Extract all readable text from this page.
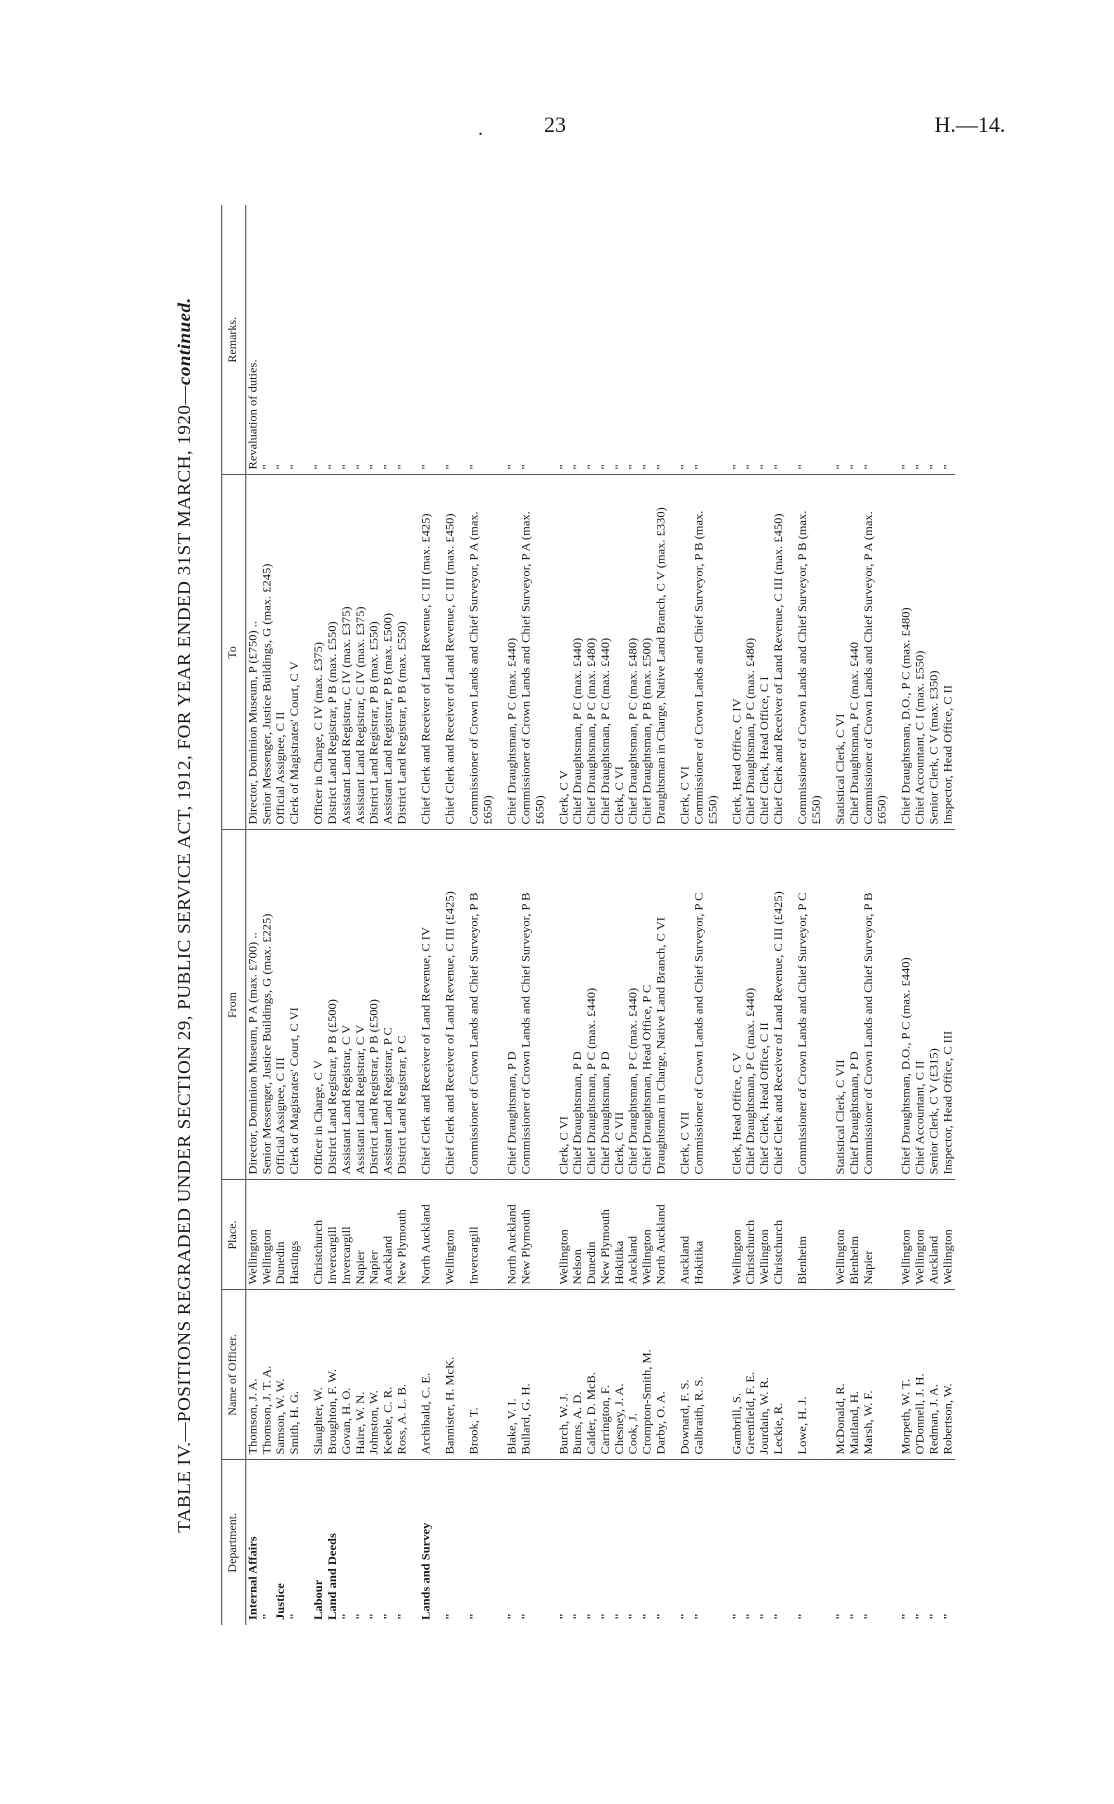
.	23	H.—14.
TABLE IV.—POSITIONS REGRADED UNDER SECTION 29, PUBLIC SERVICE ACT, 1912, FOR YEAR ENDED 31ST MARCH, 1920—continued.
Department.	Name of Officer.	Place.	From	To	Remarks.
Internal Affairs	Thomson, J. A.	Wellington	Director, Dominion Museum, P A (max. £700) ..	Director, Dominion Museum, P (£750) ..	Revaluation of duties.
"	Thomson, J. T. A.	Wellington	Senior Messenger, Justice Buildings, G (max. £225)	Senior Messenger, Justice Buildings, G (max. £245)	"
Justice	Samson, W. W.	Dunedin	Official Assignee, C III	Official Assignee, C II	"
"	Smith, H. G.	Hastings	Clerk of Magistrates' Court, C VI	Clerk of Magistrates' Court, C V	"

Labour	Slaughter, W.	Christchurch	Officer in Charge, C V	Officer in Charge, C IV (max. £375)	"
Land and Deeds	Broughton, F. W.	Invercargill	District Land Registrar, P B (£500)	District Land Registrar, P B (max. £550)	"
"	Govan, H. O.	Invercargill	Assistant Land Registrar, C V	Assistant Land Registrar, C IV (max. £375)	"
"	Haire, W. N.	Napier	Assistant Land Registrar, C V	Assistant Land Registrar, C IV (max. £375)	"
"	Johnston, W.	Napier	District Land Registrar, P B (£500)	District Land Registrar, P B (max. £550)	"
"	Keeble, C. R.	Auckland	Assistant Land Registrar, P C	Assistant Land Registrar, P B (max. £500)	"
"	Ross, A. L. B.	New Plymouth	District Land Registrar, P C	District Land Registrar, P B (max. £550)	"

Lands and Survey	Archibald, C. E.	North Auckland	Chief Clerk and Receiver of Land Revenue, C IV	Chief Clerk and Receiver of Land Revenue, C III (max. £425)	"

"	Bannister, H. McK.	Wellington	Chief Clerk and Receiver of Land Revenue, C III (£425)	Chief Clerk and Receiver of Land Revenue, C III (max. £450)	"

"	Brook, T.	Invercargill	Commissioner of Crown Lands and Chief Surveyor, P B	Commissioner of Crown Lands and Chief Surveyor, P A (max. £650)	"

"	Blake, V. I.	North Auckland	Chief Draughtsman, P D	Chief Draughtsman, P C (max. £440)	"
"	Bullard, G. H.	New Plymouth	Commissioner of Crown Lands and Chief Surveyor, P B	Commissioner of Crown Lands and Chief Surveyor, P A (max. £650)	"

"	Burch, W. J.	Wellington	Clerk, C VI	Clerk, C V	"
"	Burns, A. D.	Nelson	Chief Draughtsman, P D	Chief Draughtsman, P C (max. £440)	"
"	Calder, D. McB.	Dunedin	Chief Draughtsman, P C (max. £440)	Chief Draughtsman, P C (max. £480)	"
"	Carrington, F.	New Plymouth	Chief Draughtsman, P D	Chief Draughtsman, P C (max. £440)	"
"	Chesney, J. A.	Hokitika	Clerk, C VII	Clerk, C VI	"
"	Cook, J.	Auckland	Chief Draughtsman, P C (max. £440)	Chief Draughtsman, P C (max. £480)	"
"	Crompton-Smith, M.	Wellington	Chief Draughtsman, Head Office, P C	Chief Draughtsman, P B (max. £500)	"
"	Darby, O. A.	North Auckland	Draughtsman in Charge, Native Land Branch, C VI	Draughtsman in Charge, Native Land Branch, C V (max. £330)	"

"	Downard, F. S.	Auckland	Clerk, C VII	Clerk, C VI	"
"	Galbraith, R. S.	Hokitika	Commissioner of Crown Lands and Chief Surveyor, P C	Commissioner of Crown Lands and Chief Surveyor, P B (max. £550)	"

"	Gambrill, S.	Wellington	Clerk, Head Office, C V	Clerk, Head Office, C IV	"
"	Greenfield, F. E.	Christchurch	Chief Draughtsman, P C (max. £440)	Chief Draughtsman, P C (max. £480)	"
"	Jourdain, W. R.	Wellington	Chief Clerk, Head Office, C II	Chief Clerk, Head Office, C I	"
"	Leckie, R.	Christchurch	Chief Clerk and Receiver of Land Revenue, C III (£425)	Chief Clerk and Receiver of Land Revenue, C III (max. £450)	"

"	Lowe, H. J.	Blenheim	Commissioner of Crown Lands and Chief Surveyor, P C	Commissioner of Crown Lands and Chief Surveyor, P B (max. £550)	"

"	McDonald, R.	Wellington	Statistical Clerk, C VII	Statistical Clerk, C VI	"
"	Maitland, H.	Blenheim	Chief Draughtsman, P D	Chief Draughtsman, P C (max. £440	"
"	Marsh, W. F.	Napier	Commissioner of Crown Lands and Chief Surveyor, P B	Commissioner of Crown Lands and Chief Surveyor, P A (max. £650)	"

"	Morpeth, W. T.	Wellington	Chief Draughtsman, D.O., P C (max. £440)	Chief Draughtsman, D.O., P C (max. £480)	"
"	O'Donnell, J. H.	Wellington	Chief Accountant, C II	Chief Accountant, C I (max. £550)	"
"	Redman, J. A.	Auckland	Senior Clerk, C V (£315)	Senior Clerk, C V (max. £350)	"
"	Robertson, W.	Wellington	Inspector, Head Office, C III	Inspector, Head Office, C II	"
